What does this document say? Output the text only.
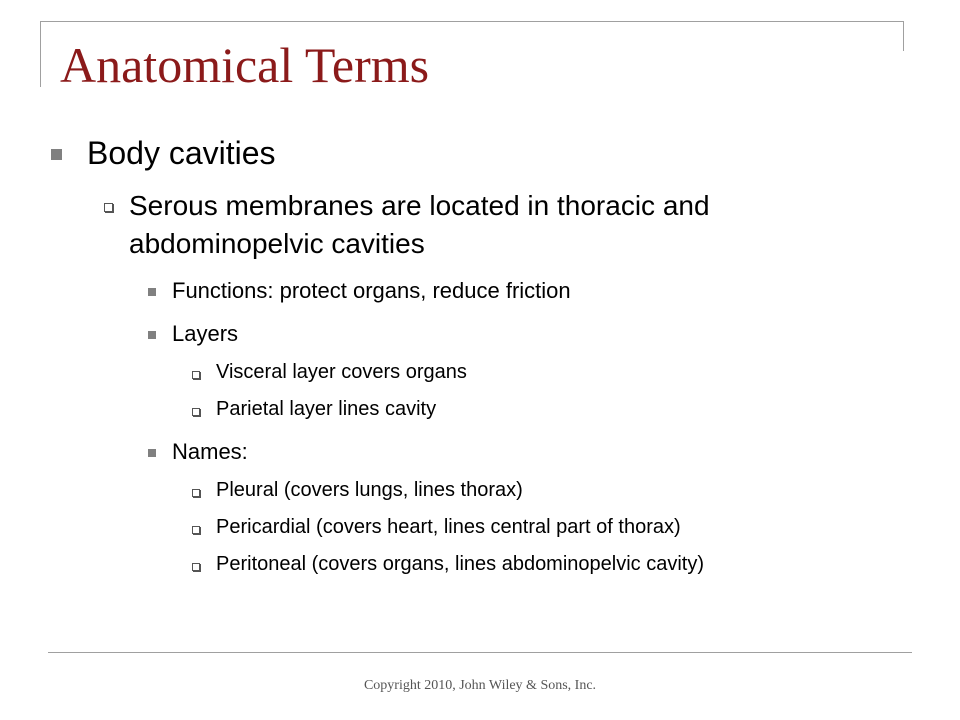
Anatomical Terms
Body cavities
Serous membranes are located in thoracic and
abdominopelvic cavities
Functions: protect organs, reduce friction
Layers
Visceral layer covers organs
Parietal layer lines cavity
Names:
Pleural (covers lungs, lines thorax)
Pericardial (covers heart, lines central part of thorax)
Peritoneal (covers organs, lines abdominopelvic cavity)
Copyright 2010, John Wiley & Sons, Inc.
